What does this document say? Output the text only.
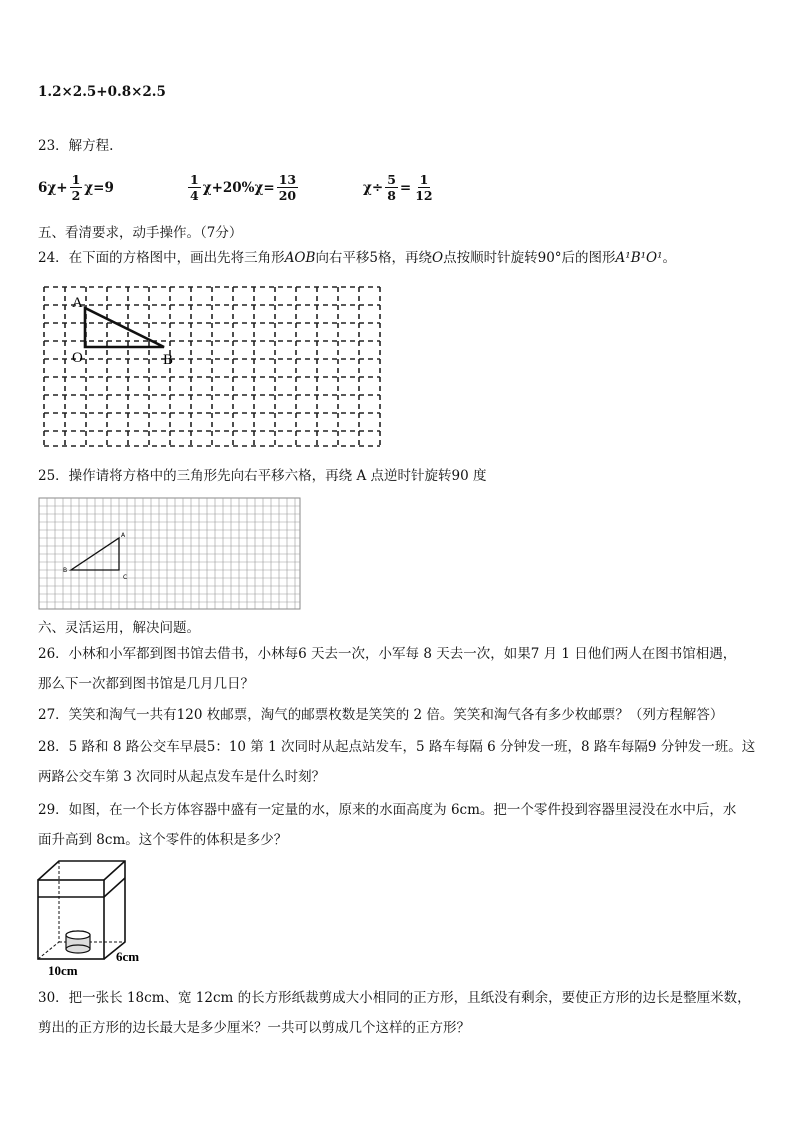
1.2×2.5+0.8×2.5
23．解方程.
$6\chi+ \frac{1}{2} \chi=9$	$\frac{1}{4} \chi+20\%\chi= \frac{13}{20}$	$\chi\div \frac{5}{8} = \frac{1}{12}$
五、看清要求，动手操作。（7分）
24．在下面的方格图中，画出先将三角形AOB向右平移5格，再绕O点按顺时针旋转90°后的图形A¹B¹O¹。
A
O	B
25．操作请将方格中的三角形先向右平移六格，再绕 A 点逆时针旋转90 度
A
B
C
六、灵活运用，解决问题。
26．小林和小军都到图书馆去借书，小林每6 天去一次，小军每 8 天去一次，如果7 月 1 日他们两人在图书馆相遇，
那么下一次都到图书馆是几月几日？
27．笑笑和淘气一共有120 枚邮票，淘气的邮票枚数是笑笑的 2 倍。笑笑和淘气各有多少枚邮票？（列方程解答）
28．5 路和 8 路公交车早晨5：10 第 1 次同时从起点站发车，5 路车每隔 6 分钟发一班，8 路车每隔9 分钟发一班。这
两路公交车第 3 次同时从起点发车是什么时刻？
29．如图，在一个长方体容器中盛有一定量的水，原来的水面高度为 6cm。把一个零件投到容器里浸没在水中后，水
面升高到 8cm。这个零件的体积是多少？
10cm
6cm
30．把一张长 18cm、宽 12cm 的长方形纸裁剪成大小相同的正方形，且纸没有剩余，要使正方形的边长是整厘米数，
剪出的正方形的边长最大是多少厘米？一共可以剪成几个这样的正方形？
